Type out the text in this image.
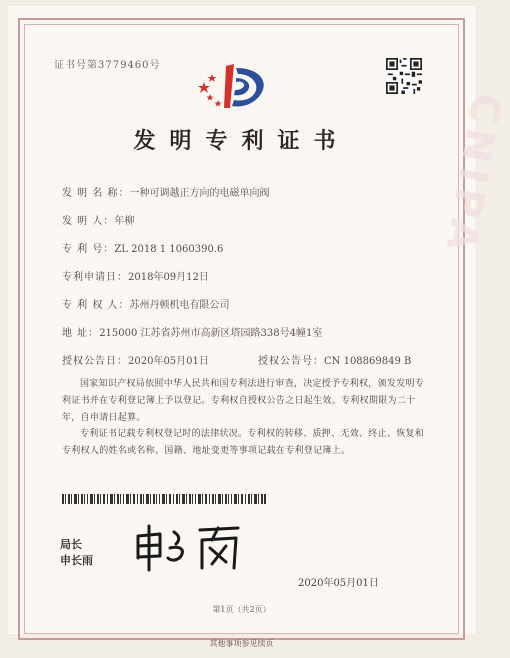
CNIPA
证书号第3779460号
发明专利证书
发 明 名 称：一种可调越正方向的电磁单向阀
发 明 人：年柳
专 利 号：ZL 2018 1 1060390.6
专利申请日：2018年09月12日
专 利 权 人：苏州丹顿机电有限公司
地 址：215000 江苏省苏州市高新区塔园路338号4幢1室
授权公告日：2020年05月01日	授权公告号：CN 108869849 B
国家知识产权局依照中华人民共和国专利法进行审查，决定授予专利权，颁发发明专利证书并在专利登记簿上予以登记。专利权自授权公告之日起生效。专利权期限为二十年，自申请日起算。
专利证书记载专利权登记时的法律状况。专利权的转移、质押、无效、终止、恢复和专利权人的姓名或名称、国籍、地址变更等事项记载在专利登记簿上。
局长
申长雨
2020年05月01日
第1页（共2页）
其他事项参见续页
